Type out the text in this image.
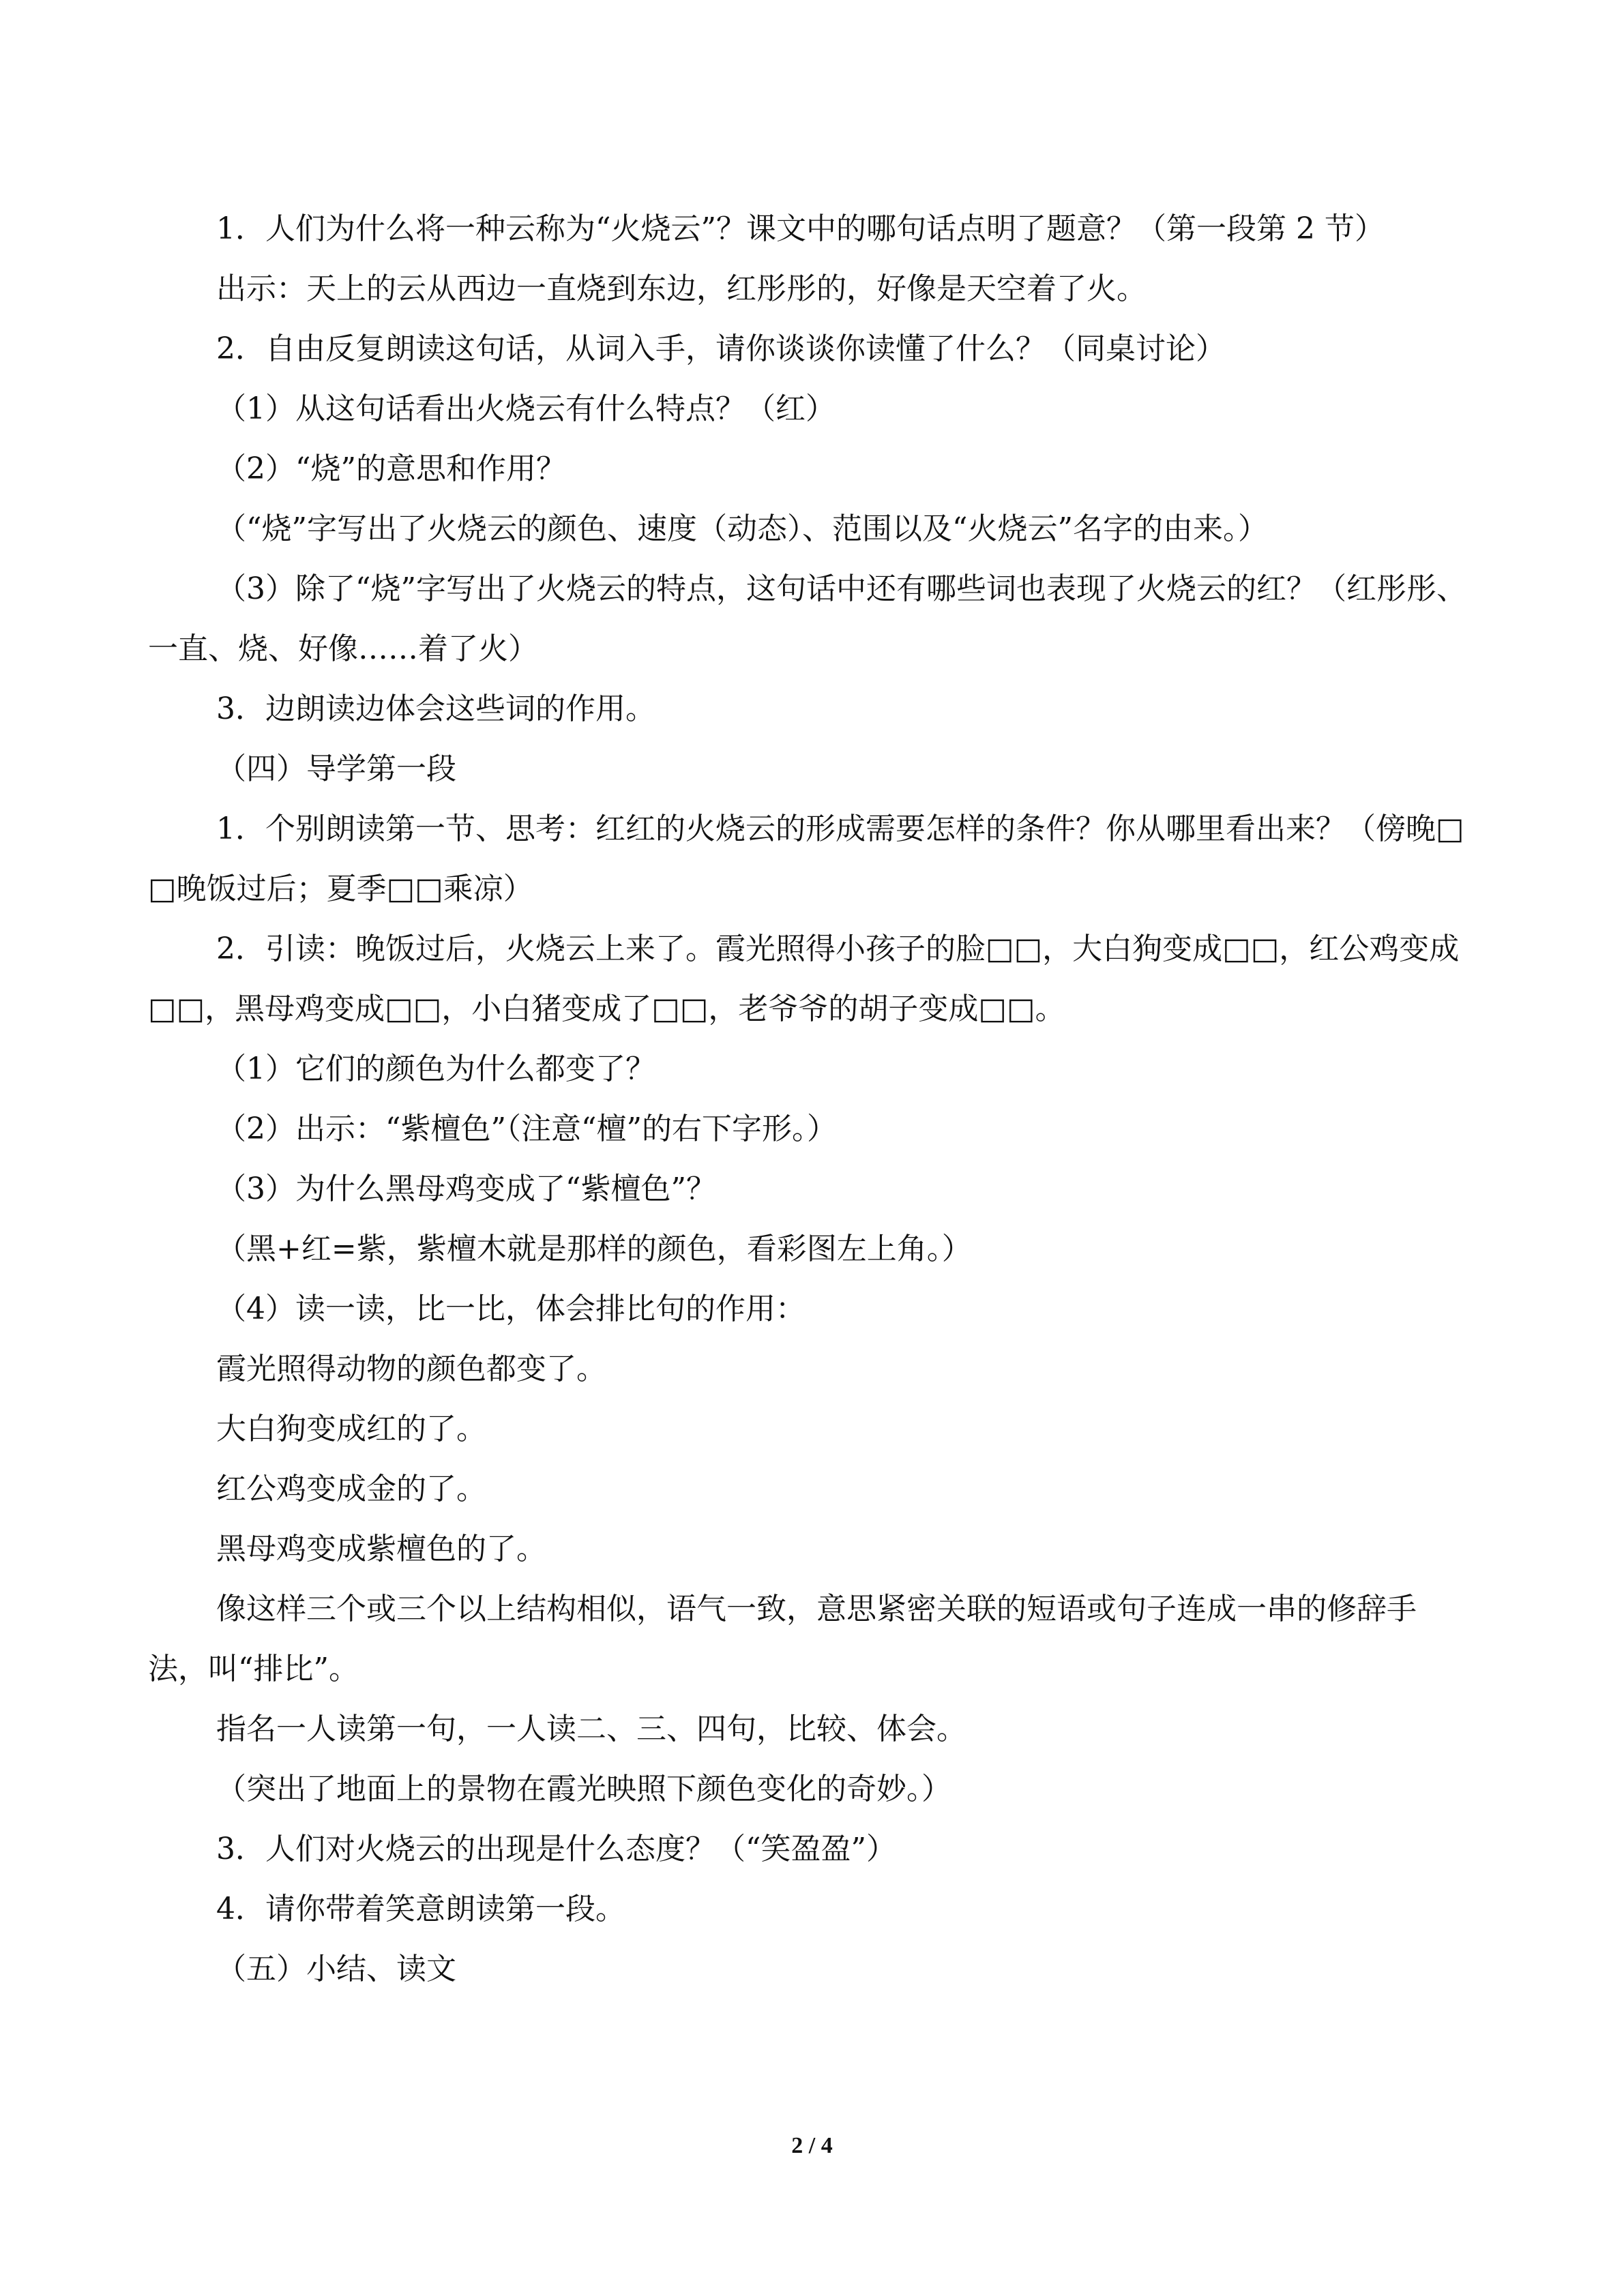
1．人们为什么将一种云称为“火烧云”？课文中的哪句话点明了题意？（第一段第 2 节）

出示：天上的云从西边一直烧到东边，红彤彤的，好像是天空着了火。

2．自由反复朗读这句话，从词入手，请你谈谈你读懂了什么？（同桌讨论）

（1）从这句话看出火烧云有什么特点？（红）

（2）“烧”的意思和作用？

（“烧”字写出了火烧云的颜色、速度（动态）、范围以及“火烧云”名字的由来。）

（3）除了“烧”字写出了火烧云的特点，这句话中还有哪些词也表现了火烧云的红？（红彤彤、一直、烧、好像……着了火）

3．边朗读边体会这些词的作用。

（四）导学第一段

1．个别朗读第一节、思考：红红的火烧云的形成需要怎样的条件？你从哪里看出来？（傍晚□□晚饭过后；夏季□□乘凉）

2．引读：晚饭过后，火烧云上来了。霞光照得小孩子的脸□□，大白狗变成□□，红公鸡变成□□，黑母鸡变成□□，小白猪变成了□□，老爷爷的胡子变成□□。

（1）它们的颜色为什么都变了？

（2）出示：“紫檀色”（注意“檀”的右下字形。）

（3）为什么黑母鸡变成了“紫檀色”？

（黑+红=紫，紫檀木就是那样的颜色，看彩图左上角。）

（4）读一读，比一比，体会排比句的作用：

霞光照得动物的颜色都变了。

大白狗变成红的了。

红公鸡变成金的了。

黑母鸡变成紫檀色的了。

像这样三个或三个以上结构相似，语气一致，意思紧密关联的短语或句子连成一串的修辞手法，叫“排比”。

指名一人读第一句，一人读二、三、四句，比较、体会。

（突出了地面上的景物在霞光映照下颜色变化的奇妙。）

3．人们对火烧云的出现是什么态度？（“笑盈盈”）

4．请你带着笑意朗读第一段。

（五）小结、读文

2 / 4
